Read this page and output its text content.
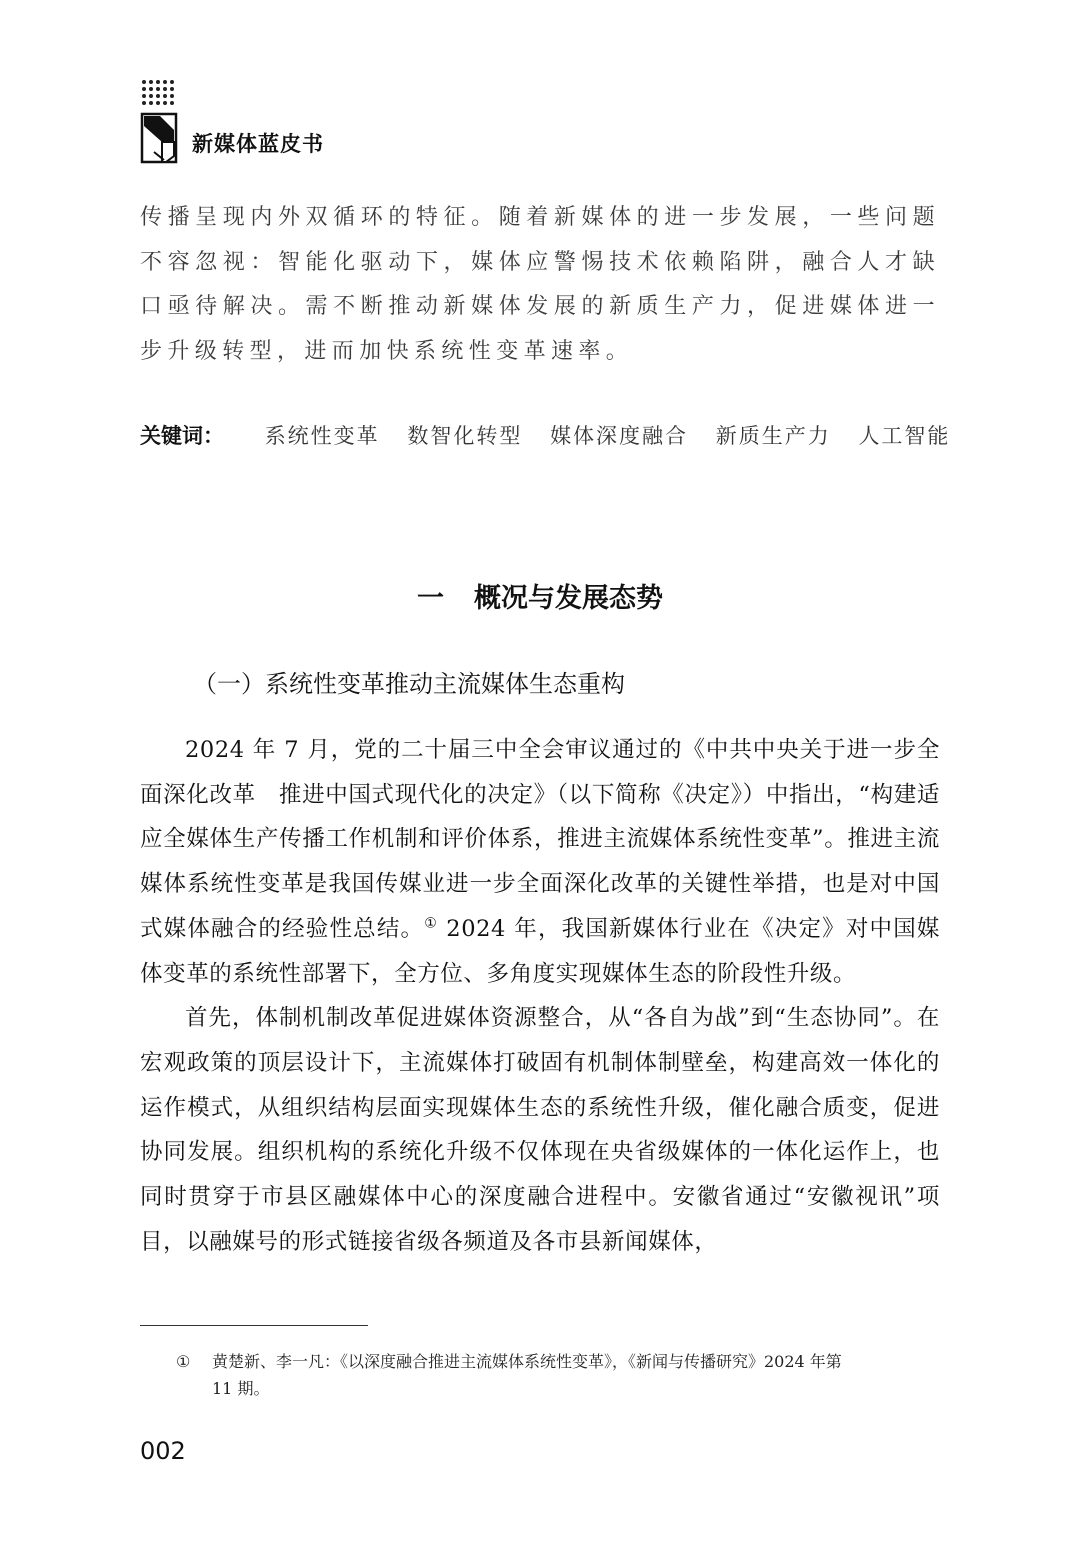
新媒体蓝皮书

传播呈现内外双循环的特征。随着新媒体的进一步发展，一些问题不容忽视：智能化驱动下，媒体应警惕技术依赖陷阱，融合人才缺口亟待解决。需不断推动新媒体发展的新质生产力，促进媒体进一步升级转型，进而加快系统性变革速率。

关键词： 系统性变革 数智化转型 媒体深度融合 新质生产力 人工智能
一 概况与发展态势
（一）系统性变革推动主流媒体生态重构

2024 年 7 月，党的二十届三中全会审议通过的《中共中央关于进一步全面深化改革　推进中国式现代化的决定》（以下简称《决定》）中指出，“构建适应全媒体生产传播工作机制和评价体系，推进主流媒体系统性变革”。推进主流媒体系统性变革是我国传媒业进一步全面深化改革的关键性举措，也是对中国式媒体融合的经验性总结。① 2024 年，我国新媒体行业在《决定》对中国媒体变革的系统性部署下，全方位、多角度实现媒体生态的阶段性升级。

首先，体制机制改革促进媒体资源整合，从“各自为战”到“生态协同”。在宏观政策的顶层设计下，主流媒体打破固有机制体制壁垒，构建高效一体化的运作模式，从组织结构层面实现媒体生态的系统性升级，催化融合质变，促进协同发展。组织机构的系统化升级不仅体现在央省级媒体的一体化运作上，也同时贯穿于市县区融媒体中心的深度融合进程中。安徽省通过“安徽视讯”项目，以融媒号的形式链接省级各频道及各市县新闻媒体，

① 黄楚新、李一凡：《以深度融合推进主流媒体系统性变革》，《新闻与传播研究》2024 年第
11 期。
002
